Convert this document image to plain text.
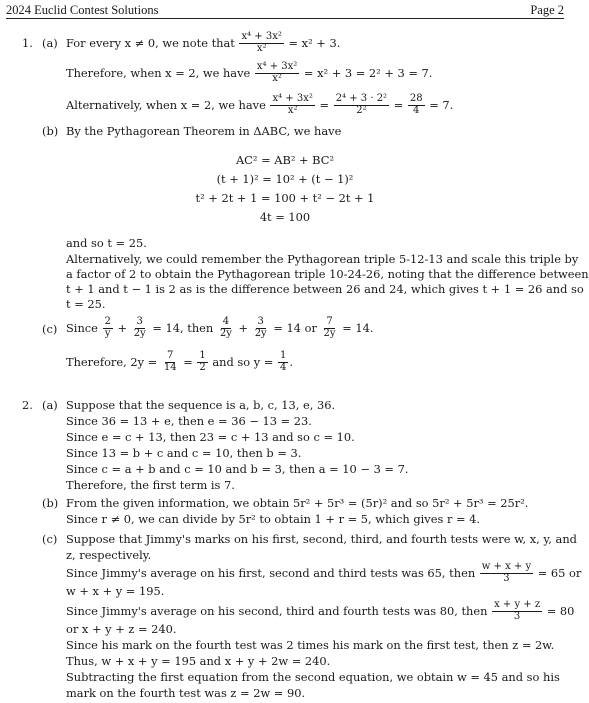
2024 Euclid Contest Solutions	Page 2
1. (a) For every x ≠ 0, we note that
$\frac{\text{x⁴ + 3x²}}{\text{x²}}$
= x² + 3.
Therefore, when x = 2, we have
$\frac{\text{x⁴ + 3x²}}{\text{x²}}$
= x² + 3 = 2² + 3 = 7.
Alternatively, when x = 2, we have
$\frac{\text{x⁴ + 3x²}}{\text{x²}} = \frac{\text{2⁴ + 3 · 2²}}{\text{2²}} = \frac{28}{4}$
= 7.
(b) By the Pythagorean Theorem in ΔABC, we have
AC² = AB² + BC²
(t + 1)² = 10² + (t − 1)²
t² + 2t + 1 = 100 + t² − 2t + 1
4t = 100
and so t = 25.
Alternatively, we could remember the Pythagorean triple 5-12-13 and scale this triple by
a factor of 2 to obtain the Pythagorean triple 10-24-26, noting that the difference between
t + 1 and t − 1 is 2 as is the difference between 26 and 24, which gives t + 1 = 26 and so
t = 25.
(c) Since
$\frac{2}{y} + \frac{3}{2y}$
= 14, then
$\frac{4}{2y} + \frac{3}{2y}$
= 14 or
$\frac{7}{2y}$
= 14.
Therefore, 2y =
$\frac{7}{14}$
=
$\frac{1}{2}$
and so y =
$\frac{1}{4}$ .
2. (a) Suppose that the sequence is a, b, c, 13, e, 36.
Since 36 = 13 + e, then e = 36 − 13 = 23.
Since e = c + 13, then 23 = c + 13 and so c = 10.
Since 13 = b + c and c = 10, then b = 3.
Since c = a + b and c = 10 and b = 3, then a = 10 − 3 = 7.
Therefore, the first term is 7.
(b) From the given information, we obtain 5r² + 5r³ = (5r)² and so 5r² + 5r³ = 25r².
Since r ≠ 0, we can divide by 5r² to obtain 1 + r = 5, which gives r = 4.
(c) Suppose that Jimmy's marks on his first, second, third, and fourth tests were w, x, y, and
z, respectively.
Since Jimmy's average on his first, second and third tests was 65, then
$\frac{w + x + y}{3}$
= 65 or
w + x + y = 195.
Since Jimmy's average on his second, third and fourth tests was 80, then
$\frac{x + y + z}{3}$
= 80
or x + y + z = 240.
Since his mark on the fourth test was 2 times his mark on the first test, then z = 2w.
Thus, w + x + y = 195 and x + y + 2w = 240.
Subtracting the first equation from the second equation, we obtain w = 45 and so his
mark on the fourth test was z = 2w = 90.
